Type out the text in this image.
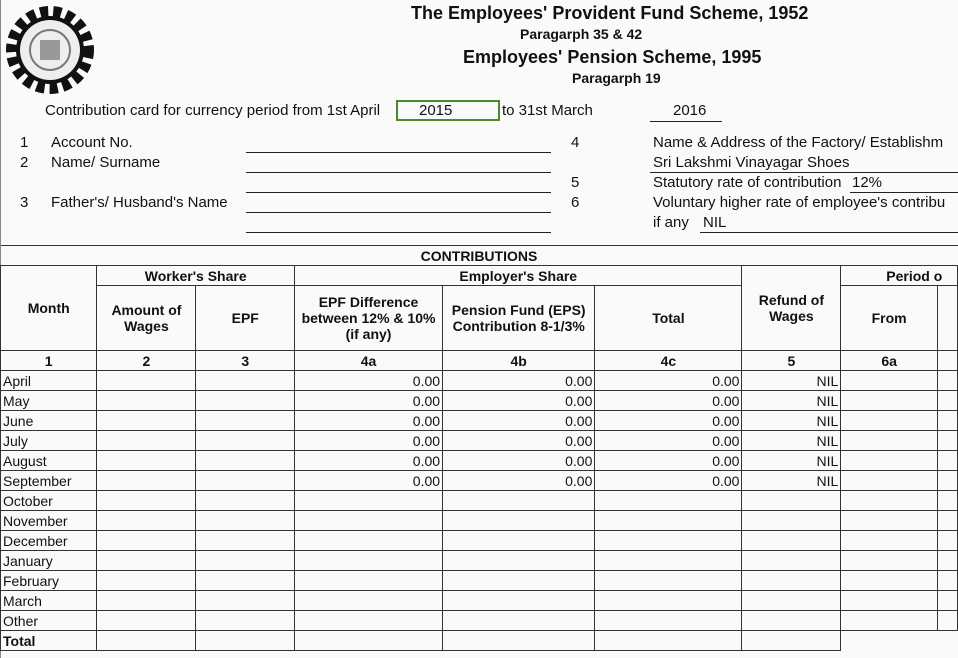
The Employees' Provident Fund Scheme, 1952
Paragarph 35 & 42
Employees' Pension Scheme, 1995
Paragarph 19
Contribution card for currency period from 1st April	2015	to 31st March	2016
1 Account No.
2 Name/ Surname
3 Father's/ Husband's Name
4	Name & Address of the Factory/ Establishm
Sri Lakshmi Vinayagar Shoes
5	Statutory rate of contribution 12%
6	Voluntary higher rate of employee's contribu
if any NIL
CONTRIBUTIONS								
Month	Worker's Share		Employer's Share			Refund of Wages	Period o	
	Amount of Wages	EPF	EPF Difference between 12% & 10% (if any)	Pension Fund (EPS) Contribution 8-1/3%	Total		From	
1	2	3	4a	4b	4c	5	6a	
April			0.00	0.00	0.00	NIL		
May			0.00	0.00	0.00	NIL		
June			0.00	0.00	0.00	NIL		
July			0.00	0.00	0.00	NIL		
August			0.00	0.00	0.00	NIL		
September			0.00	0.00	0.00	NIL		
October								
November								
December								
January								
February								
March								
Other								
Total								
